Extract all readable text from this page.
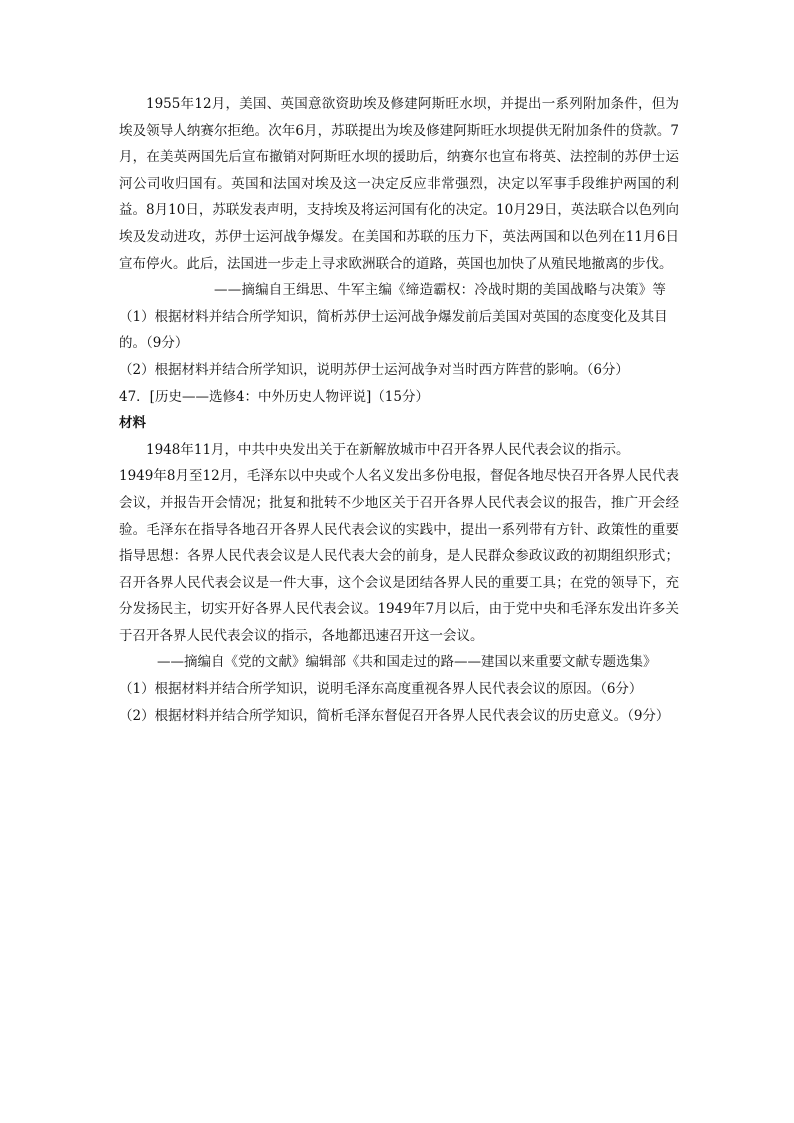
1955年12月，美国、英国意欲资助埃及修建阿斯旺水坝，并提出一系列附加条件，但为埃及领导人纳赛尔拒绝。次年6月，苏联提出为埃及修建阿斯旺水坝提供无附加条件的贷款。7月，在美英两国先后宣布撤销对阿斯旺水坝的援助后，纳赛尔也宣布将英、法控制的苏伊士运河公司收归国有。英国和法国对埃及这一决定反应非常强烈，决定以军事手段维护两国的利益。8月10日，苏联发表声明，支持埃及将运河国有化的决定。10月29日，英法联合以色列向埃及发动进攻，苏伊士运河战争爆发。在美国和苏联的压力下，英法两国和以色列在11月6日宣布停火。此后，法国进一步走上寻求欧洲联合的道路，英国也加快了从殖民地撤离的步伐。

——摘编自王缉思、牛军主编《缔造霸权：冷战时期的美国战略与决策》等

（1）根据材料并结合所学知识，简析苏伊士运河战争爆发前后美国对英国的态度变化及其目的。（9分）

（2）根据材料并结合所学知识，说明苏伊士运河战争对当时西方阵营的影响。（6分）

47．[历史——选修4：中外历史人物评说]（15分）

材料

1948年11月，中共中央发出关于在新解放城市中召开各界人民代表会议的指示。

1949年8月至12月，毛泽东以中央或个人名义发出多份电报，督促各地尽快召开各界人民代表会议，并报告开会情况；批复和批转不少地区关于召开各界人民代表会议的报告，推广开会经验。毛泽东在指导各地召开各界人民代表会议的实践中，提出一系列带有方针、政策性的重要指导思想：各界人民代表会议是人民代表大会的前身，是人民群众参政议政的初期组织形式；召开各界人民代表会议是一件大事，这个会议是团结各界人民的重要工具；在党的领导下，充分发扬民主，切实开好各界人民代表会议。1949年7月以后，由于党中央和毛泽东发出许多关于召开各界人民代表会议的指示，各地都迅速召开这一会议。

——摘编自《党的文献》编辑部《共和国走过的路——建国以来重要文献专题选集》

（1）根据材料并结合所学知识，说明毛泽东高度重视各界人民代表会议的原因。（6分）

（2）根据材料并结合所学知识，简析毛泽东督促召开各界人民代表会议的历史意义。（9分）
